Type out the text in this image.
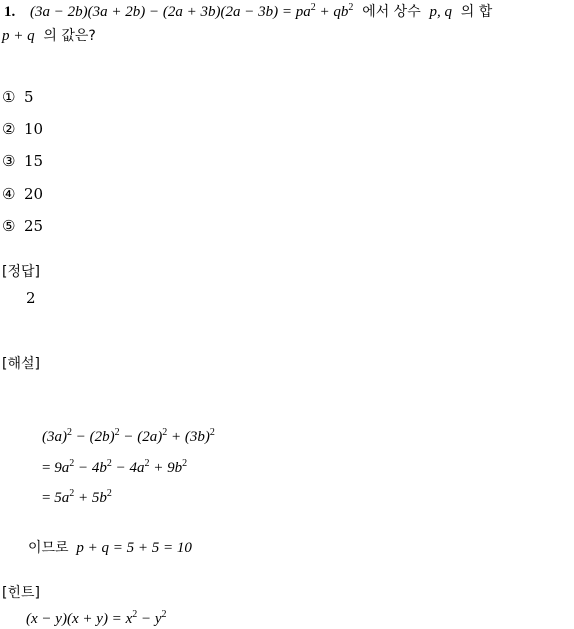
1. $(3a - 2b)(3a + 2b) - (2a + 3b)(2a - 3b) = pa^2 + qb^2$ 에서 상수 p, q 의 합
p + q 의 값은?
① 5
② 10
③ 15
④ 20
⑤ 25
[정답]
2
[해설]
$(3a)^2 - (2b)^2 - (2a)^2 + (3b)^2$
= $9a^2 - 4b^2 - 4a^2 + 9b^2$
= $5a^2 + 5b^2$
이므로 p + q = 5 + 5 = 10
[힌트]
$(x - y)(x + y) = x^2 - y^2$
